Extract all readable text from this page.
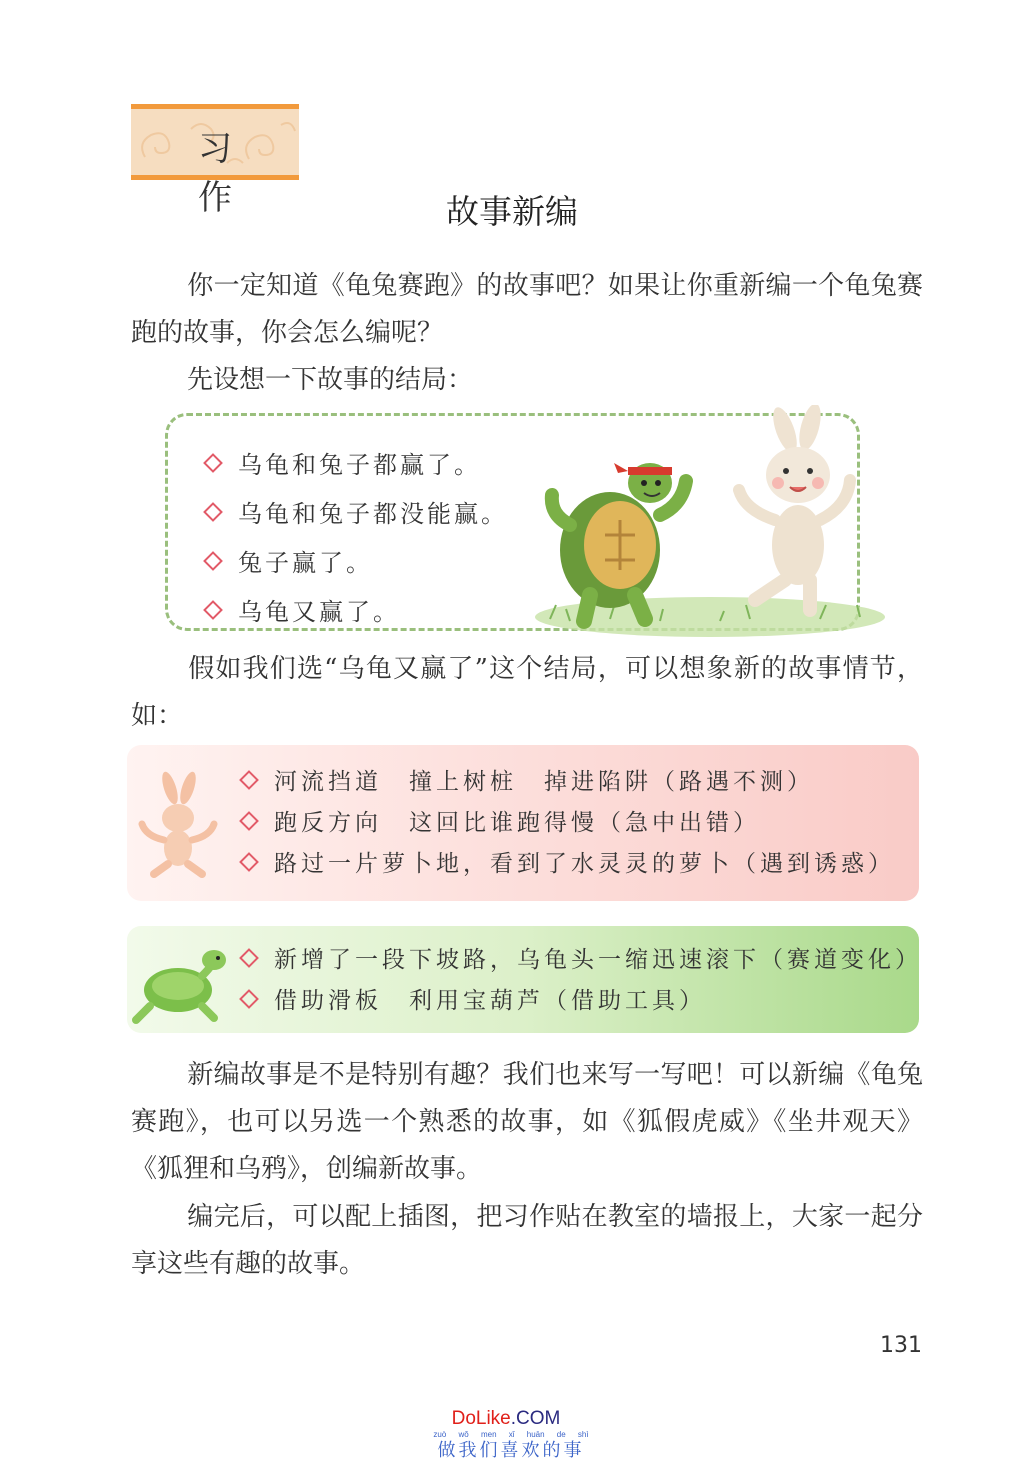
习 作	故事新编
你一定知道《龟兔赛跑》的故事吧？如果让你重新编一个龟兔赛跑的故事，你会怎么编呢？
先设想一下故事的结局：
乌龟和兔子都赢了。
乌龟和兔子都没能赢。
兔子赢了。
乌龟又赢了。
假如我们选“乌龟又赢了”这个结局，可以想象新的故事情节，如：
河流挡道　撞上树桩　掉进陷阱（路遇不测）
跑反方向　这回比谁跑得慢（急中出错）
路过一片萝卜地，看到了水灵灵的萝卜（遇到诱惑）
新增了一段下坡路，乌龟头一缩迅速滚下（赛道变化）
借助滑板　利用宝葫芦（借助工具）
新编故事是不是特别有趣？我们也来写一写吧！可以新编《龟兔赛跑》，也可以另选一个熟悉的故事，如《狐假虎威》《坐井观天》《狐狸和乌鸦》，创编新故事。
编完后，可以配上插图，把习作贴在教室的墙报上，大家一起分享这些有趣的故事。
131
DoLike.COM
zuò wǒ men xǐ huān de shì
做我们喜欢的事
